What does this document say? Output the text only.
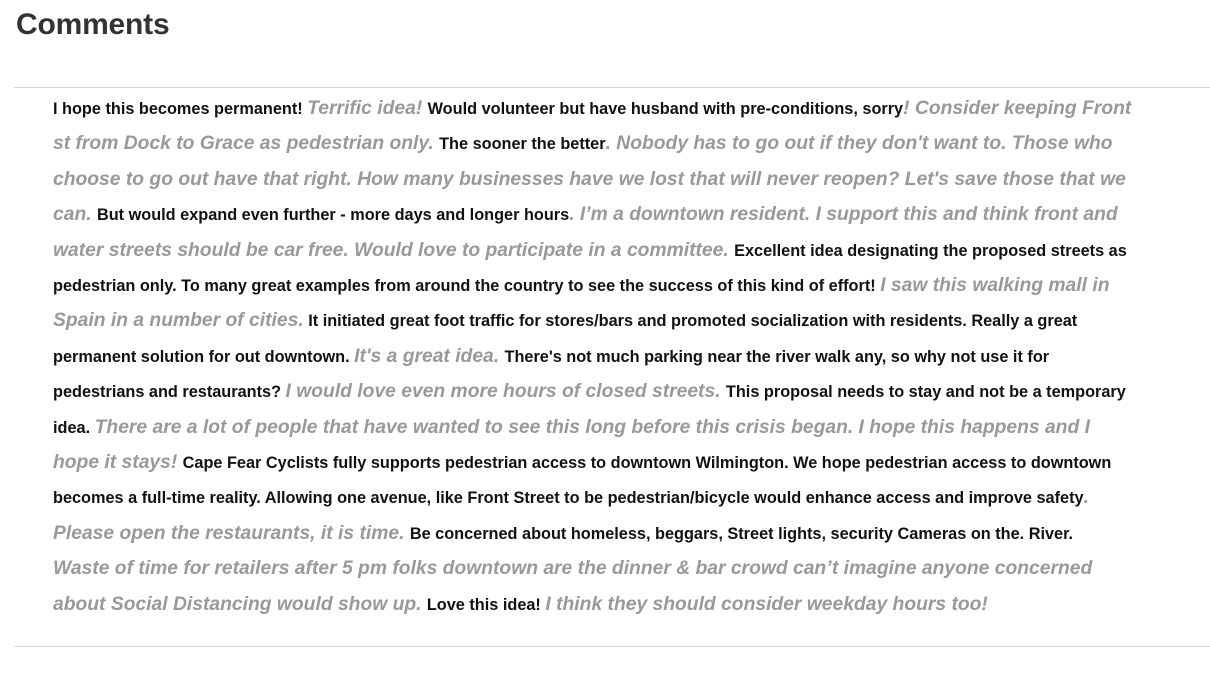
Comments

I hope this becomes permanent! Terrific idea! Would volunteer but have husband with pre-conditions, sorry! Consider keeping Front st from Dock to Grace as pedestrian only. The sooner the better. Nobody has to go out if they don't want to. Those who choose to go out have that right. How many businesses have we lost that will never reopen? Let's save those that we can. But would expand even further - more days and longer hours. I’m a downtown resident. I support this and think front and water streets should be car free. Would love to participate in a committee. Excellent idea designating the proposed streets as pedestrian only. To many great examples from around the country to see the success of this kind of effort! I saw this walking mall in Spain in a number of cities. It initiated great foot traffic for stores/bars and promoted socialization with residents. Really a great permanent solution for out downtown. It's a great idea. There's not much parking near the river walk any, so why not use it for pedestrians and restaurants? I would love even more hours of closed streets. This proposal needs to stay and not be a temporary idea. There are a lot of people that have wanted to see this long before this crisis began. I hope this happens and I hope it stays! Cape Fear Cyclists fully supports pedestrian access to downtown Wilmington. We hope pedestrian access to downtown becomes a full-time reality. Allowing one avenue, like Front Street to be pedestrian/bicycle would enhance access and improve safety. Please open the restaurants, it is time. Be concerned about homeless, beggars, Street lights, security Cameras on the. River. Waste of time for retailers after 5 pm folks downtown are the dinner & bar crowd can’t imagine anyone concerned about Social Distancing would show up. Love this idea! I think they should consider weekday hours too!
